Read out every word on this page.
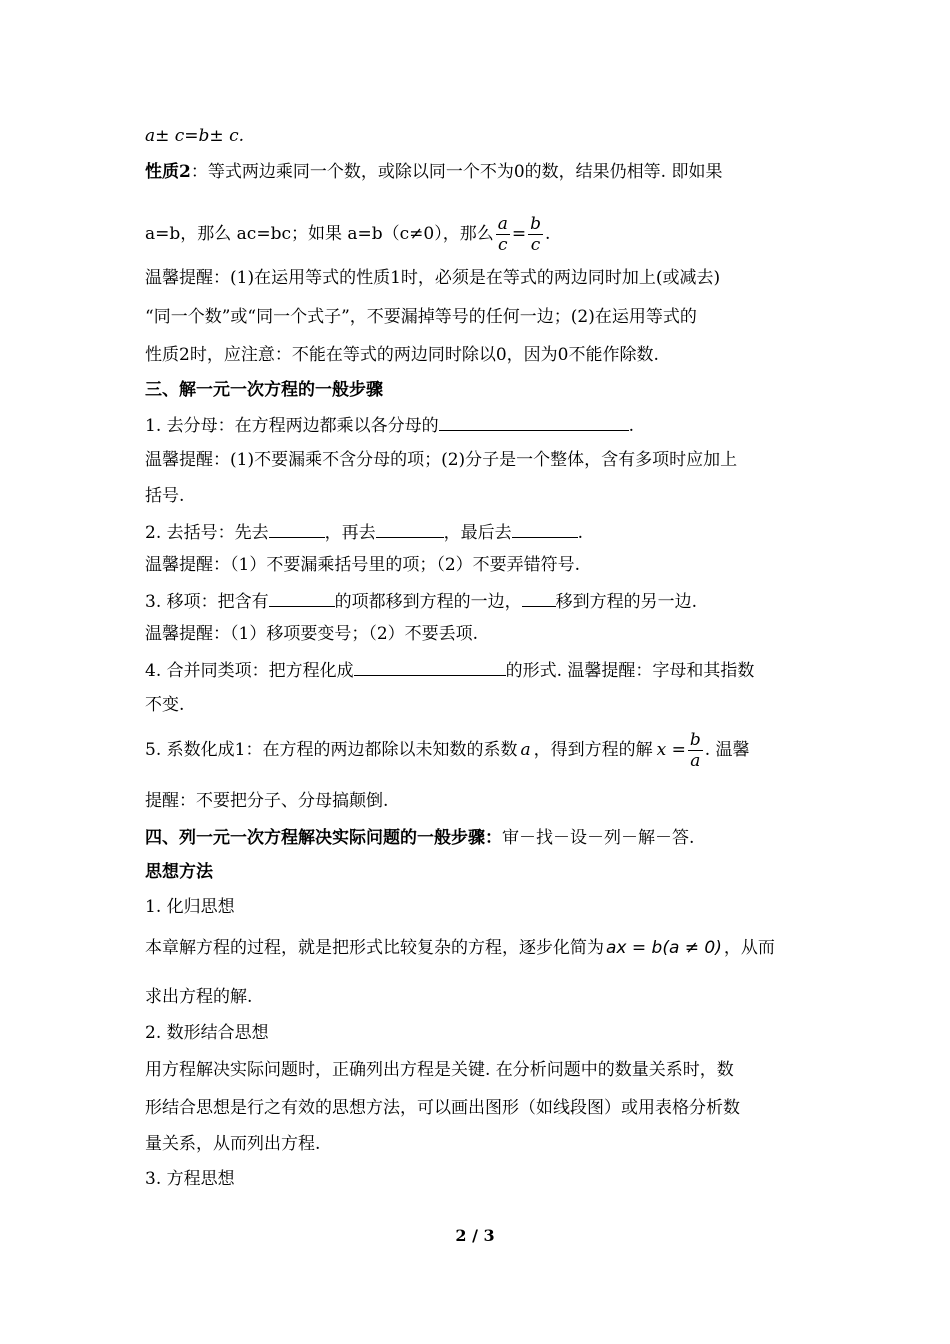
a± c=b± c.
性质2：等式两边乘同一个数，或除以同一个不为0的数，结果仍相等. 即如果
a=b，那么 ac=bc；如果 a=b（c≠0），那么 $\frac{a}{c} = \frac{b}{c}$ .
温馨提醒：(1)在运用等式的性质1时，必须是在等式的两边同时加上(或减去)
“同一个数”或“同一个式子”，不要漏掉等号的任何一边；(2)在运用等式的
性质2时，应注意：不能在等式的两边同时除以0，因为0不能作除数.
三、解一元一次方程的一般步骤
1. 去分母：在方程两边都乘以各分母的	.
温馨提醒：(1)不要漏乘不含分母的项；(2)分子是一个整体，含有多项时应加上
括号.
2. 去括号：先去	，再去	，最后去	.
温馨提醒：（1）不要漏乘括号里的项；（2）不要弄错符号.
3. 移项：把含有	的项都移到方程的一边， 移到方程的另一边.
温馨提醒：（1）移项要变号；（2）不要丢项.
4. 合并同类项：把方程化成	的形式. 温馨提醒：字母和其指数
不变.
5. 系数化成1：在方程的两边都除以未知数的系数 a ，得到方程的解 $x = \frac{b}{a}$ . 温馨
提醒：不要把分子、分母搞颠倒.
四、列一元一次方程解决实际问题的一般步骤：审－找－设－列－解－答.
思想方法
1. 化归思想
本章解方程的过程，就是把形式比较复杂的方程，逐步化简为 ax = b(a ≠ 0) ，从而
求出方程的解.
2. 数形结合思想
用方程解决实际问题时，正确列出方程是关键. 在分析问题中的数量关系时，数
形结合思想是行之有效的思想方法，可以画出图形（如线段图）或用表格分析数
量关系，从而列出方程.
3. 方程思想
2 / 3
